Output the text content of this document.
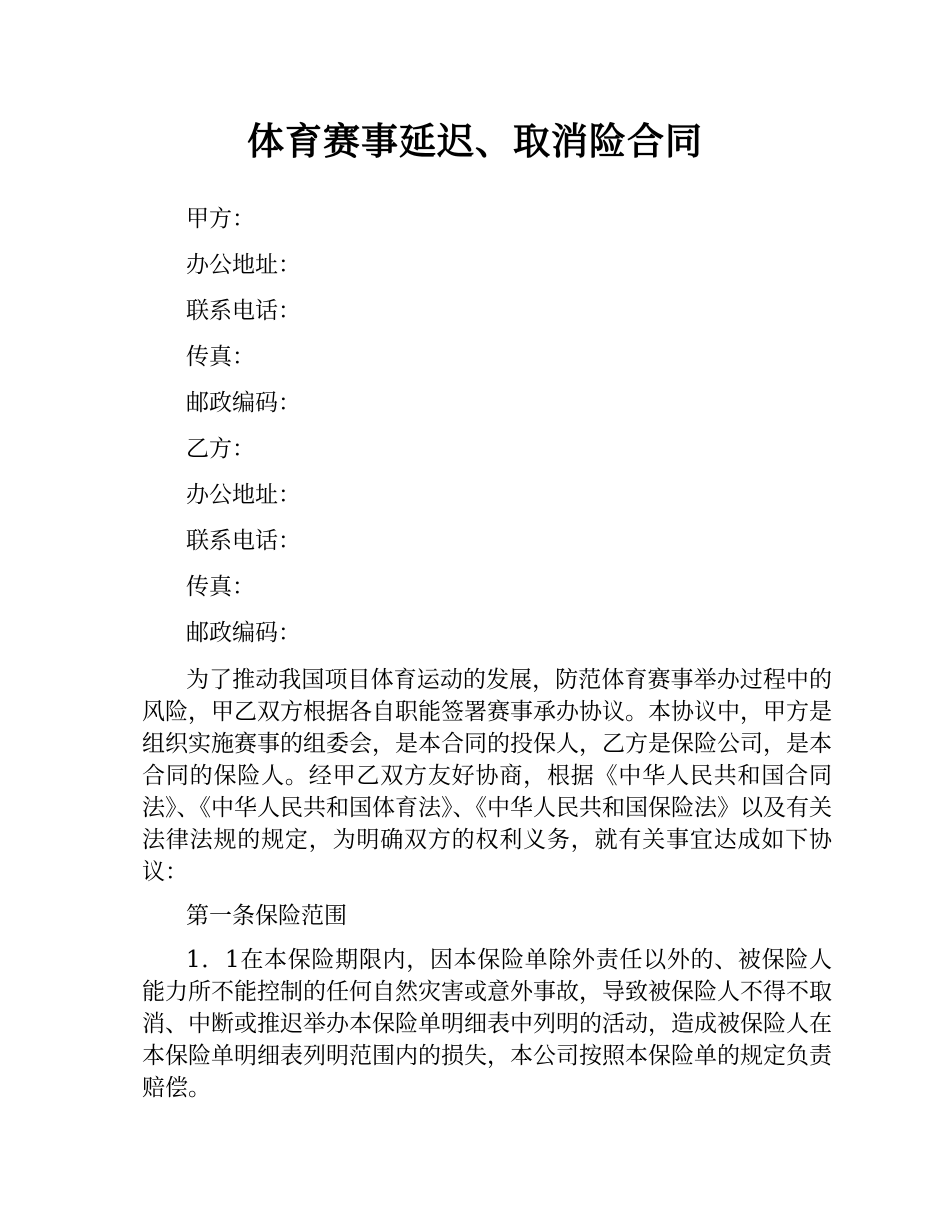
体育赛事延迟、取消险合同

甲方：

办公地址：

联系电话：

传真：

邮政编码：

乙方：

办公地址：

联系电话：

传真：

邮政编码：

为了推动我国项目体育运动的发展，防范体育赛事举办过程中的风险，甲乙双方根据各自职能签署赛事承办协议。本协议中，甲方是组织实施赛事的组委会，是本合同的投保人，乙方是保险公司，是本合同的保险人。经甲乙双方友好协商，根据《中华人民共和国合同法》、《中华人民共和国体育法》、《中华人民共和国保险法》以及有关法律法规的规定，为明确双方的权利义务，就有关事宜达成如下协议：

第一条保险范围

1．1在本保险期限内，因本保险单除外责任以外的、被保险人能力所不能控制的任何自然灾害或意外事故，导致被保险人不得不取消、中断或推迟举办本保险单明细表中列明的活动，造成被保险人在本保险单明细表列明范围内的损失，本公司按照本保险单的规定负责赔偿。
